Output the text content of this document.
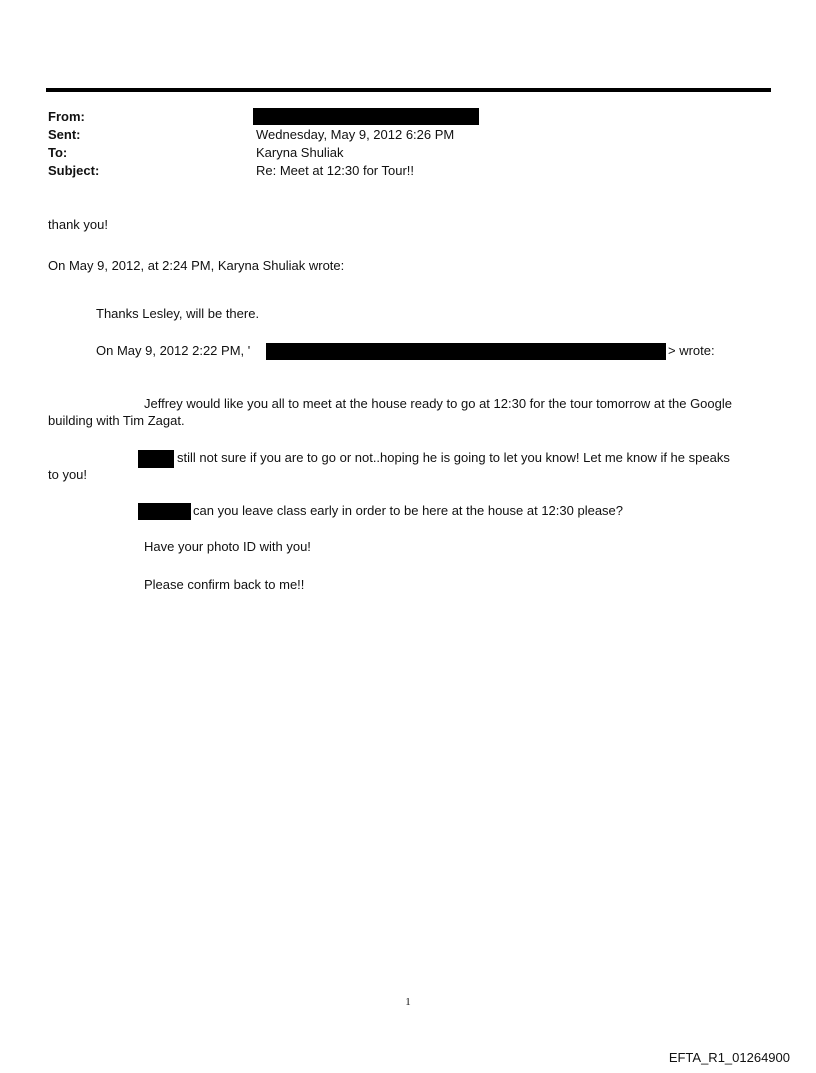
From:
Sent:	Wednesday, May 9, 2012 6:26 PM
To:	Karyna Shuliak
Subject:	Re: Meet at 12:30 for Tour!!
thank you!
On May 9, 2012, at 2:24 PM, Karyna Shuliak wrote:
Thanks Lesley, will be there.
On May 9, 2012 2:22 PM, '	> wrote:
Jeffrey would like you all to meet at the house ready to go at 12:30 for the tour tomorrow at the Google
building with Tim Zagat.
still not sure if you are to go or not..hoping he is going to let you know! Let me know if he speaks
to you!
can you leave class early in order to be here at the house at 12:30 please?
Have your photo ID with you!
Please confirm back to me!!
1
EFTA_R1_01264900
